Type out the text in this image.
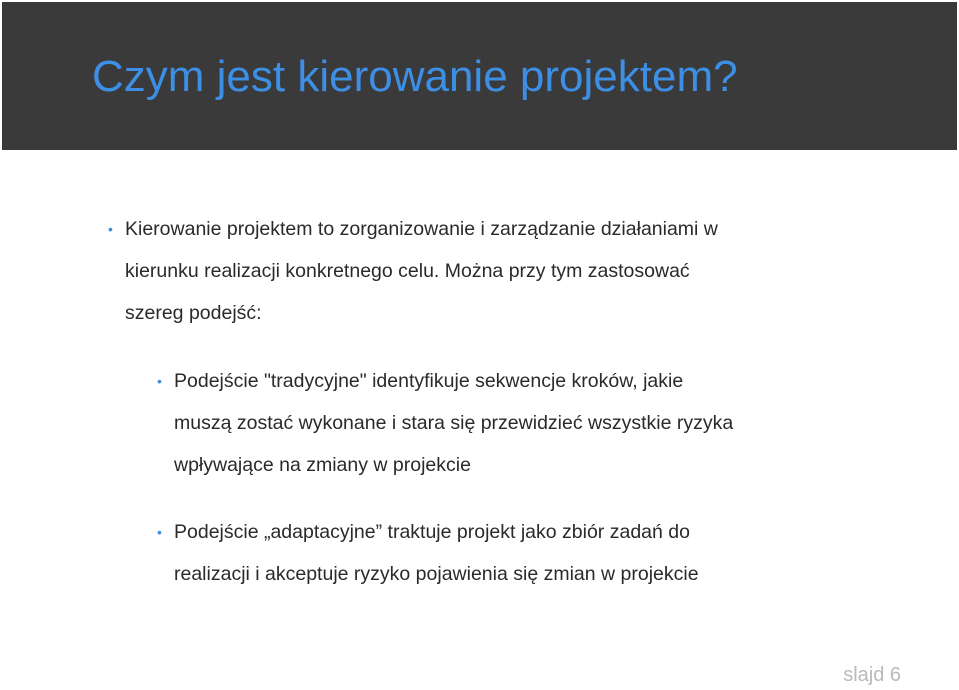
Czym jest kierowanie projektem?
• Kierowanie projektem to zorganizowanie i zarządzanie działaniami w
kierunku realizacji konkretnego celu. Można przy tym zastosować
szereg podejść:
• Podejście "tradycyjne" identyfikuje sekwencje kroków, jakie
muszą zostać wykonane i stara się przewidzieć wszystkie ryzyka
wpływające na zmiany w projekcie
• Podejście „adaptacyjne” traktuje projekt jako zbiór zadań do
realizacji i akceptuje ryzyko pojawienia się zmian w projekcie
slajd 6
